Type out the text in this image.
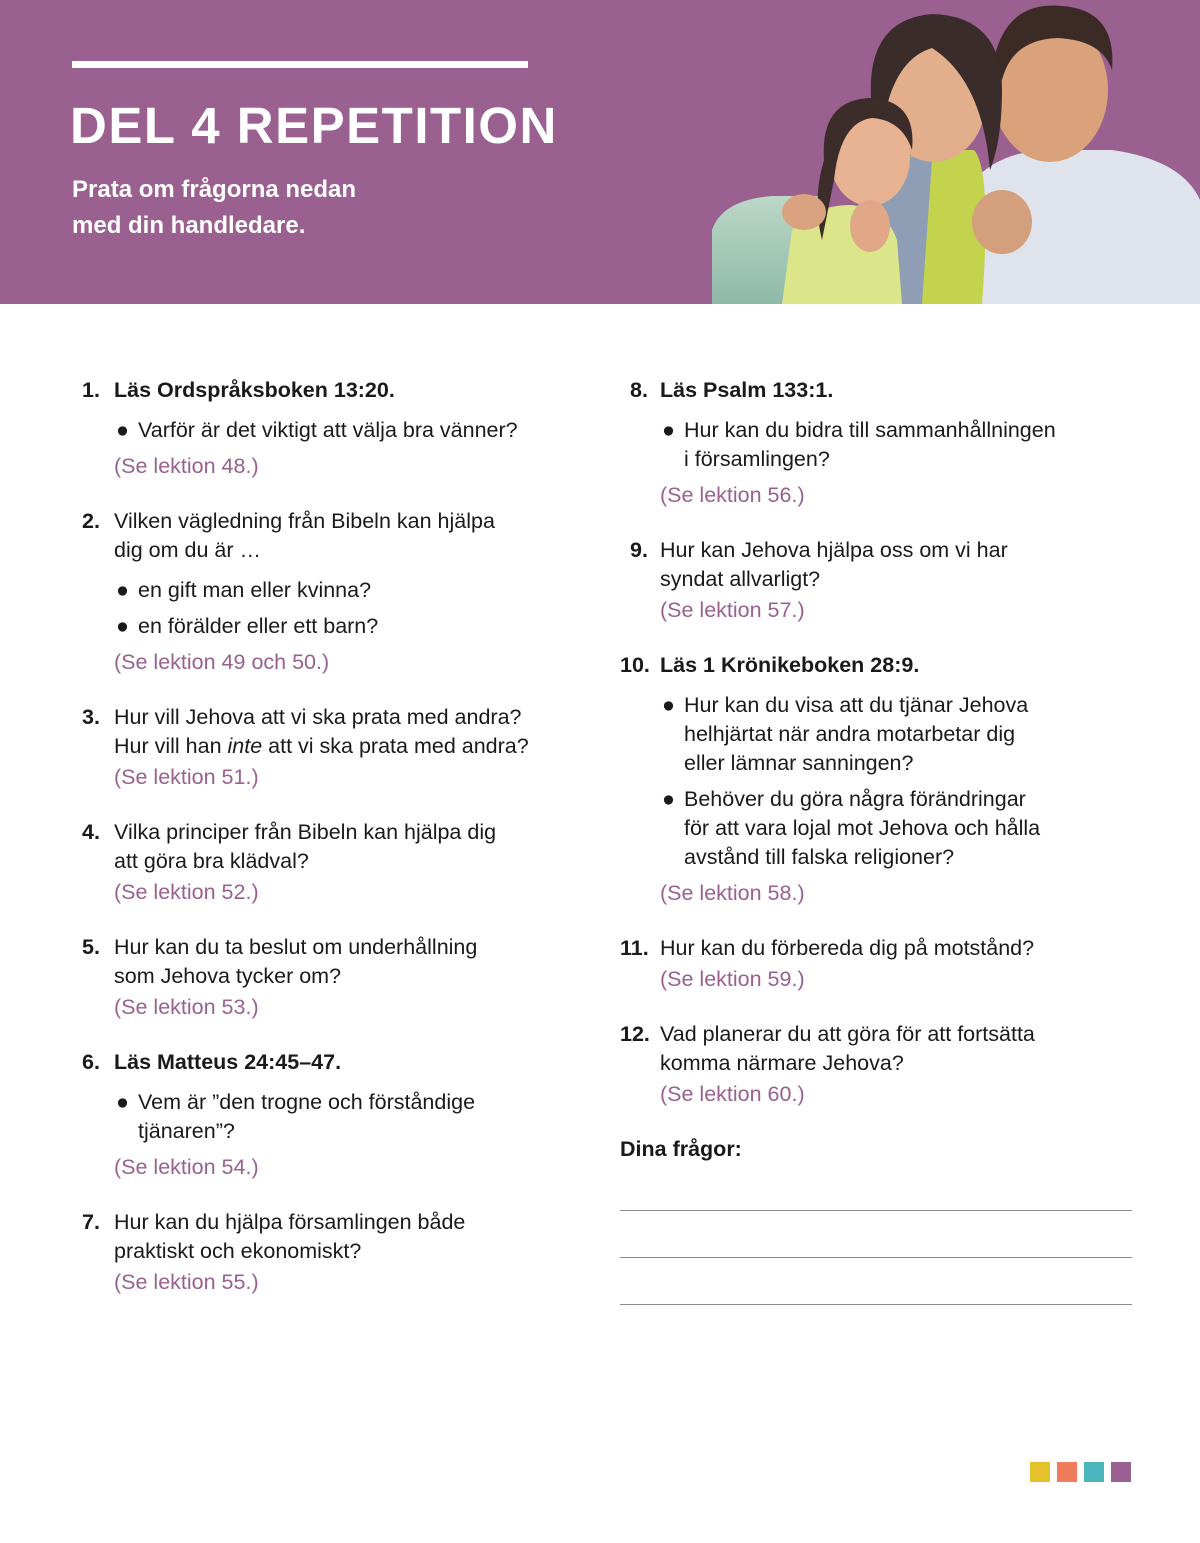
DEL 4 REPETITION

Prata om frågorna nedan
med din handledare.

1. Läs Ordspråksboken 13:20.
● Varför är det viktigt att välja bra vänner?
(Se lektion 48.)
2. Vilken vägledning från Bibeln kan hjälpa
dig om du är …
● en gift man eller kvinna?
● en förälder eller ett barn?
(Se lektion 49 och 50.)
3. Hur vill Jehova att vi ska prata med andra?
Hur vill han inte att vi ska prata med andra?
(Se lektion 51.)
4. Vilka principer från Bibeln kan hjälpa dig
att göra bra klädval?
(Se lektion 52.)
5. Hur kan du ta beslut om underhållning
som Jehova tycker om?
(Se lektion 53.)
6. Läs Matteus 24:45–47.
● Vem är ”den trogne och förståndige
tjänaren”?
(Se lektion 54.)
7. Hur kan du hjälpa församlingen både
praktiskt och ekonomiskt?
(Se lektion 55.)
8. Läs Psalm 133:1.
● Hur kan du bidra till sammanhållningen
i församlingen?
(Se lektion 56.)
9. Hur kan Jehova hjälpa oss om vi har
syndat allvarligt?
(Se lektion 57.)
10. Läs 1 Krönikeboken 28:9.
● Hur kan du visa att du tjänar Jehova
helhjärtat när andra motarbetar dig
eller lämnar sanningen?
● Behöver du göra några förändringar
för att vara lojal mot Jehova och hålla
avstånd till falska religioner?
(Se lektion 58.)
11. Hur kan du förbereda dig på motstånd?
(Se lektion 59.)
12. Vad planerar du att göra för att fortsätta
komma närmare Jehova?
(Se lektion 60.)
Dina frågor:
